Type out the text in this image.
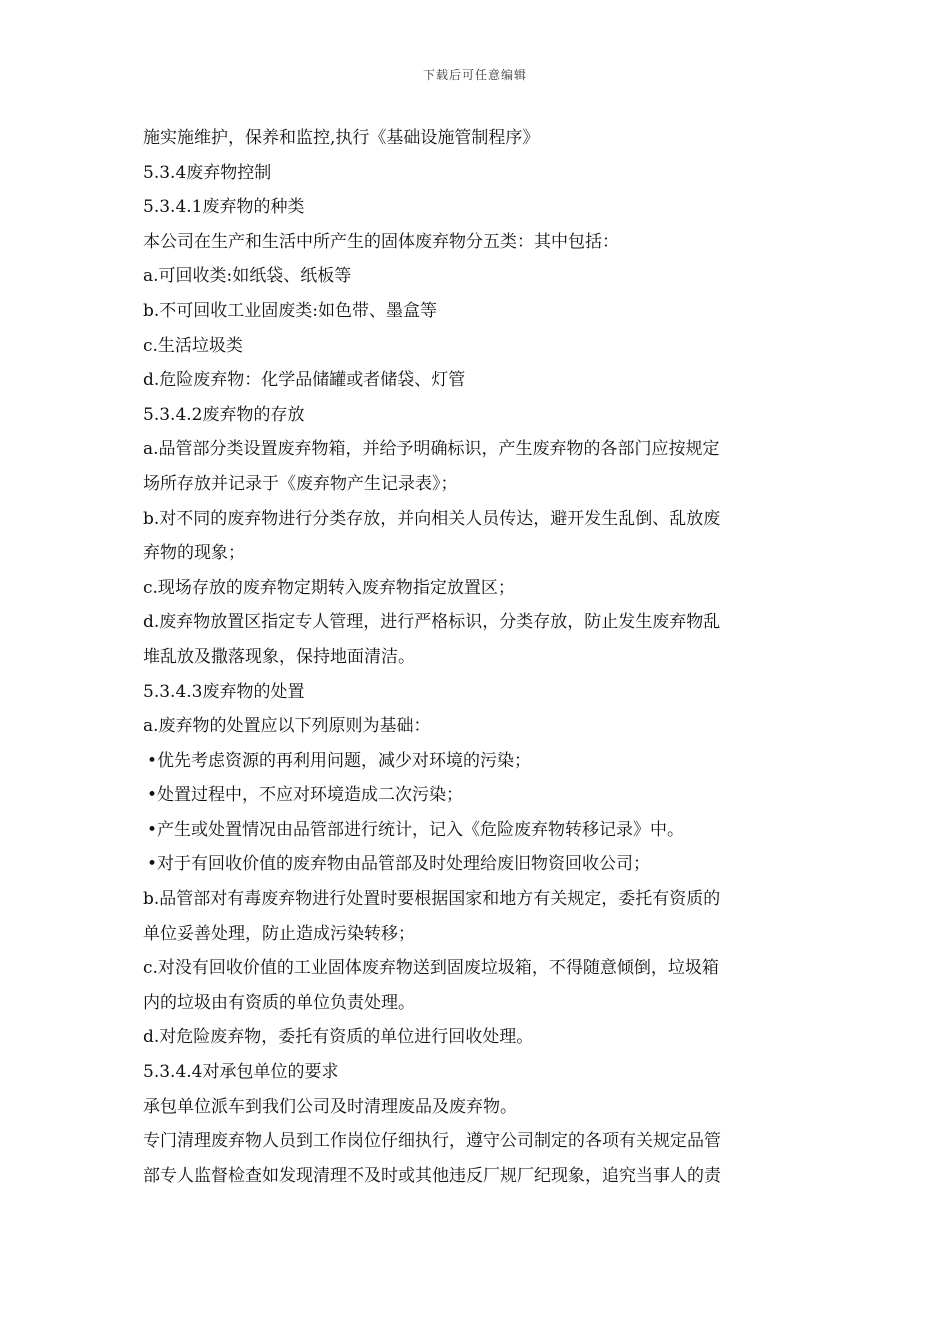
下载后可任意编辑
施实施维护，保养和监控,执行《基础设施管制程序》
5.3.4废弃物控制
5.3.4.1废弃物的种类
本公司在生产和生活中所产生的固体废弃物分五类：其中包括：
a.可回收类:如纸袋、纸板等
b.不可回收工业固废类:如色带、墨盒等
c.生活垃圾类
d.危险废弃物：化学品储罐或者储袋、灯管
5.3.4.2废弃物的存放
a.品管部分类设置废弃物箱，并给予明确标识，产生废弃物的各部门应按规定
场所存放并记录于《废弃物产生记录表》；
b.对不同的废弃物进行分类存放，并向相关人员传达，避开发生乱倒、乱放废
弃物的现象；
c.现场存放的废弃物定期转入废弃物指定放置区；
d.废弃物放置区指定专人管理，进行严格标识，分类存放，防止发生废弃物乱
堆乱放及撒落现象，保持地面清洁。
5.3.4.3废弃物的处置
a.废弃物的处置应以下列原则为基础：
•优先考虑资源的再利用问题，减少对环境的污染；
•处置过程中，不应对环境造成二次污染；
•产生或处置情况由品管部进行统计，记入《危险废弃物转移记录》中。
•对于有回收价值的废弃物由品管部及时处理给废旧物资回收公司；
b.品管部对有毒废弃物进行处置时要根据国家和地方有关规定，委托有资质的
单位妥善处理，防止造成污染转移；
c.对没有回收价值的工业固体废弃物送到固废垃圾箱，不得随意倾倒，垃圾箱
内的垃圾由有资质的单位负责处理。
d.对危险废弃物，委托有资质的单位进行回收处理。
5.3.4.4对承包单位的要求
承包单位派车到我们公司及时清理废品及废弃物。
专门清理废弃物人员到工作岗位仔细执行，遵守公司制定的各项有关规定品管
部专人监督检查如发现清理不及时或其他违反厂规厂纪现象，追究当事人的责
